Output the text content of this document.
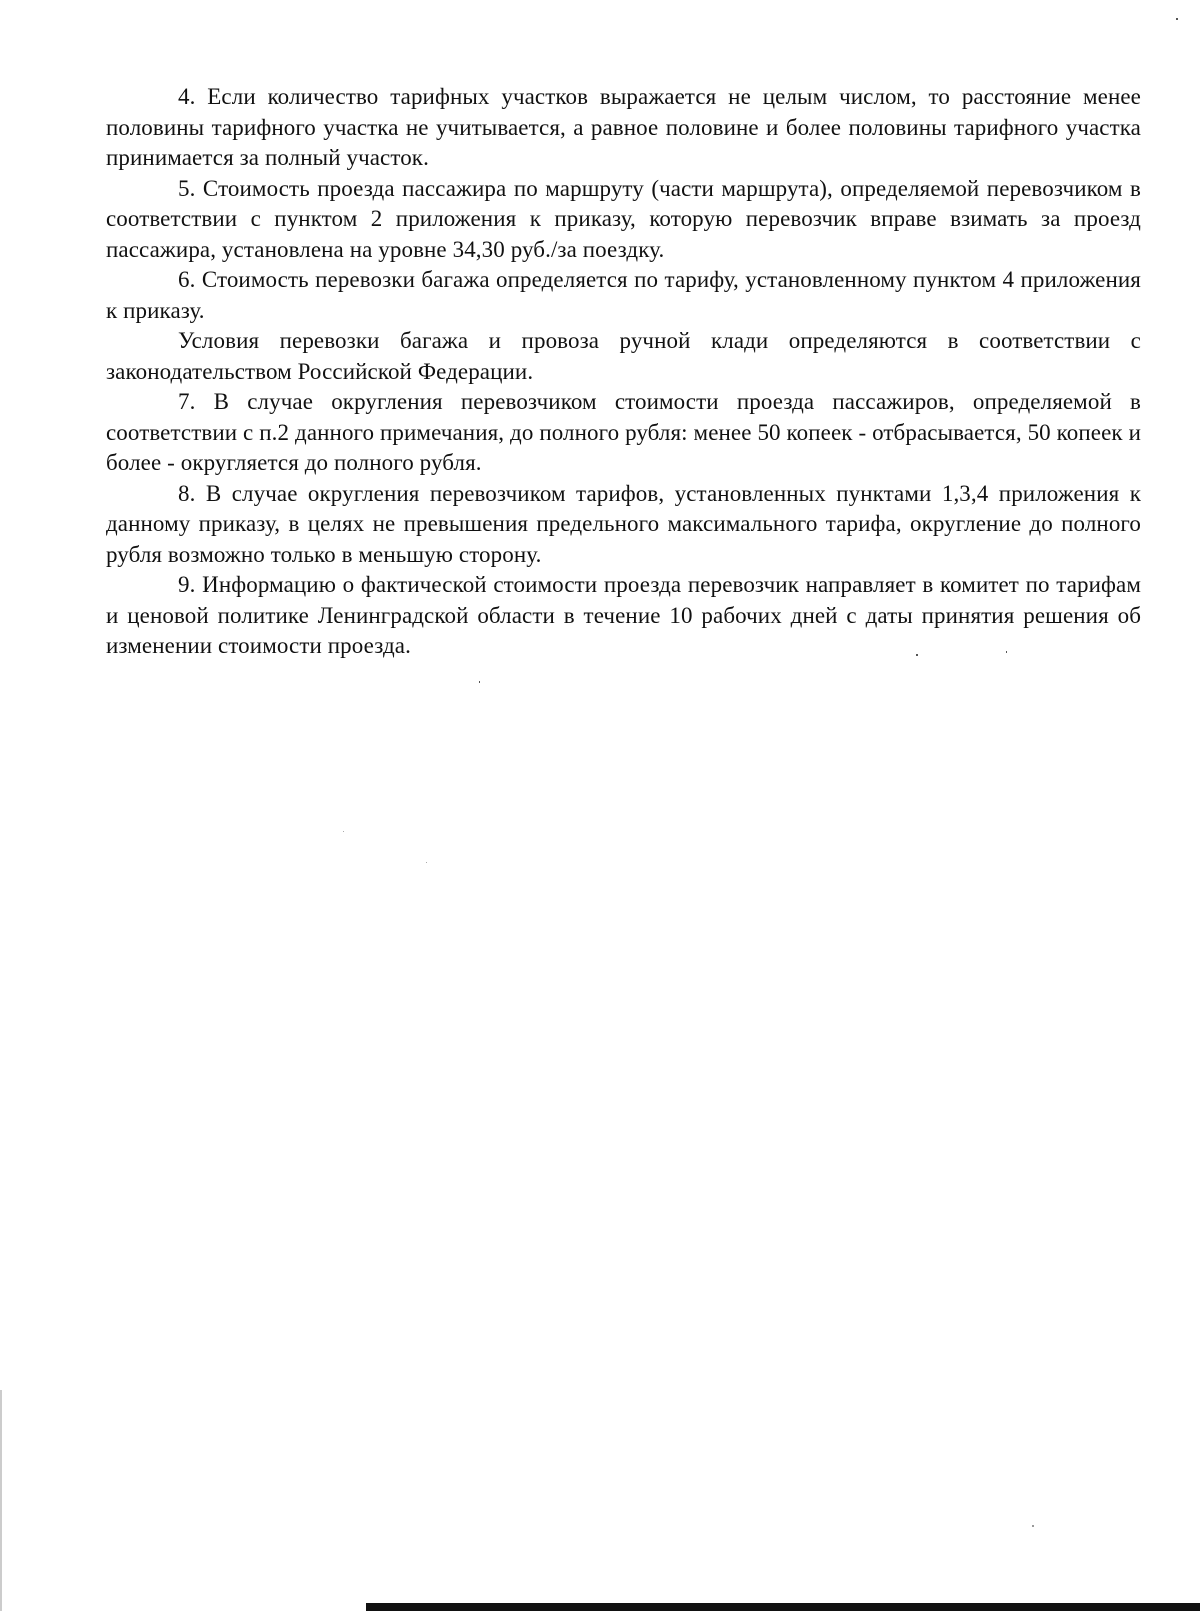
4. Если количество тарифных участков выражается не целым числом, то расстояние менее половины тарифного участка не учитывается, а равное половине и более половины тарифного участка принимается за полный участок.

5. Стоимость проезда пассажира по маршруту (части маршрута), определяемой перевозчиком в соответствии с пунктом 2 приложения к приказу, которую перевозчик вправе взимать за проезд пассажира, установлена на уровне 34,30 руб./за поездку.

6. Стоимость перевозки багажа определяется по тарифу, установленному пунктом 4 приложения к приказу.

Условия перевозки багажа и провоза ручной клади определяются в соответствии с законодательством Российской Федерации.

7. В случае округления перевозчиком стоимости проезда пассажиров, определяемой в соответствии с п.2 данного примечания, до полного рубля: менее 50 копеек - отбрасывается, 50 копеек и более - округляется до полного рубля.

8. В случае округления перевозчиком тарифов, установленных пунктами 1,3,4 приложения к данному приказу, в целях не превышения предельного максимального тарифа, округление до полного рубля возможно только в меньшую сторону.

9. Информацию о фактической стоимости проезда перевозчик направляет в комитет по тарифам и ценовой политике Ленинградской области в течение 10 рабочих дней с даты принятия решения об изменении стоимости проезда.
